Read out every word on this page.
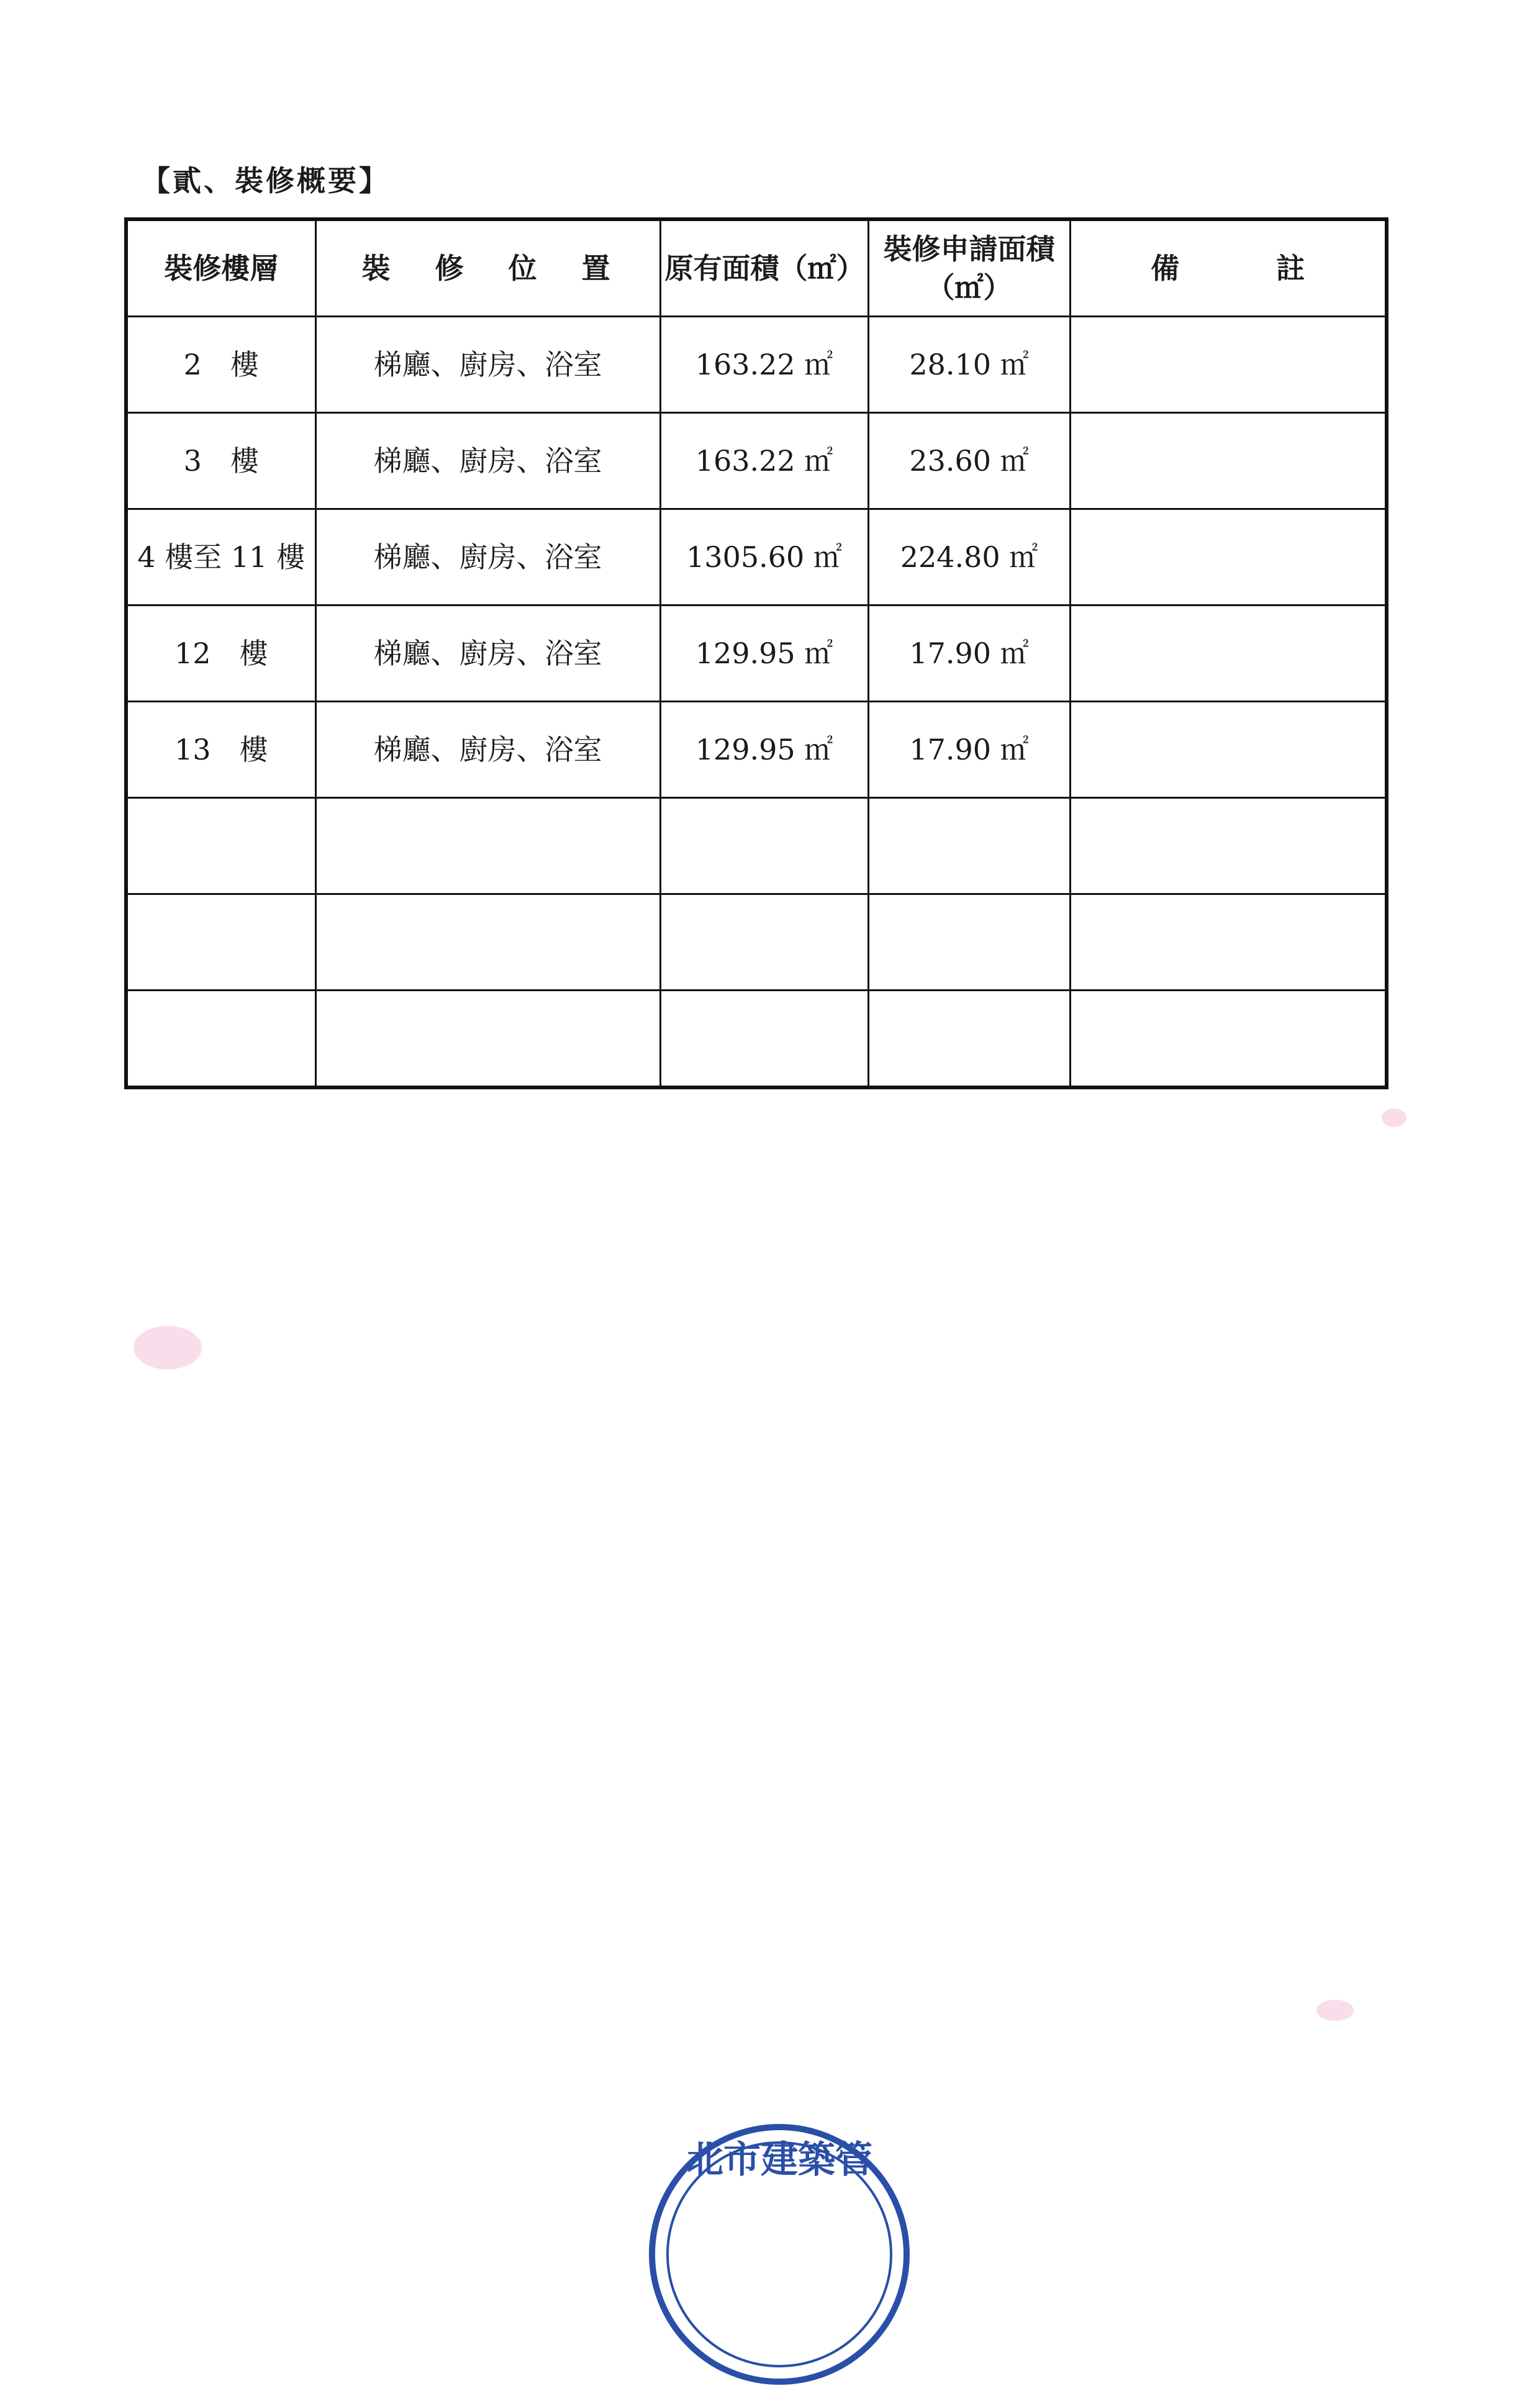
【貳、裝修概要】
裝修樓層	裝 修 位 置	原有面積（㎡）	裝修申請面積（㎡）	備 註
2　樓	梯廳、廚房、浴室	163.22 ㎡	28.10 ㎡	
3　樓	梯廳、廚房、浴室	163.22 ㎡	23.60 ㎡	
4 樓至 11 樓	梯廳、廚房、浴室	1305.60 ㎡	224.80 ㎡	
12　樓	梯廳、廚房、浴室	129.95 ㎡	17.90 ㎡	
13　樓	梯廳、廚房、浴室	129.95 ㎡	17.90 ㎡	

北市建築管
